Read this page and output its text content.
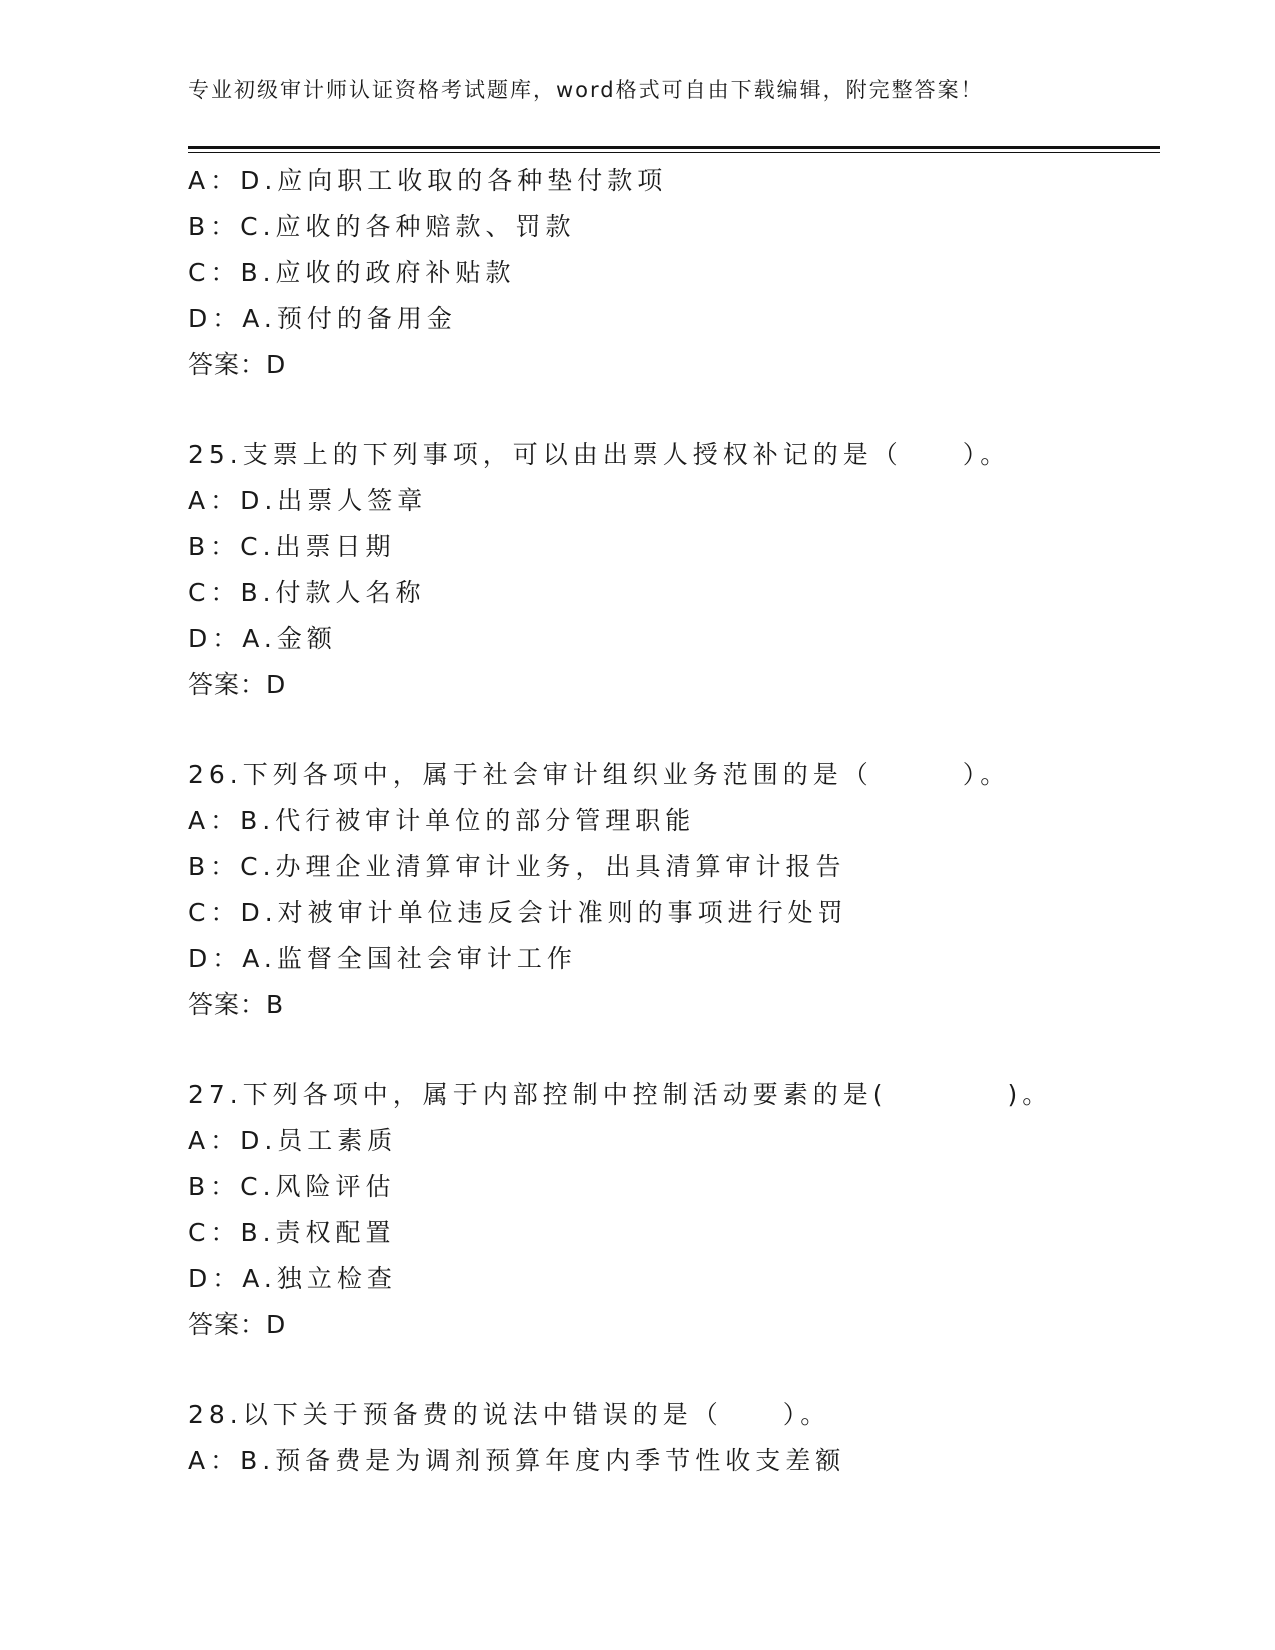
专业初级审计师认证资格考试题库，word格式可自由下载编辑，附完整答案！
A：D.应向职工收取的各种垫付款项
B：C.应收的各种赔款、罚款
C：B.应收的政府补贴款
D：A.预付的备用金
答案：D
25.支票上的下列事项，可以由出票人授权补记的是（　　）。
A：D.出票人签章
B：C.出票日期
C：B.付款人名称
D：A.金额
答案：D
26.下列各项中，属于社会审计组织业务范围的是（　　　）。
A：B.代行被审计单位的部分管理职能
B：C.办理企业清算审计业务，出具清算审计报告
C：D.对被审计单位违反会计准则的事项进行处罚
D：A.监督全国社会审计工作
答案：B
27.下列各项中，属于内部控制中控制活动要素的是(　　　　)。
A：D.员工素质
B：C.风险评估
C：B.责权配置
D：A.独立检查
答案：D
28.以下关于预备费的说法中错误的是（　　）。
A：B.预备费是为调剂预算年度内季节性收支差额
